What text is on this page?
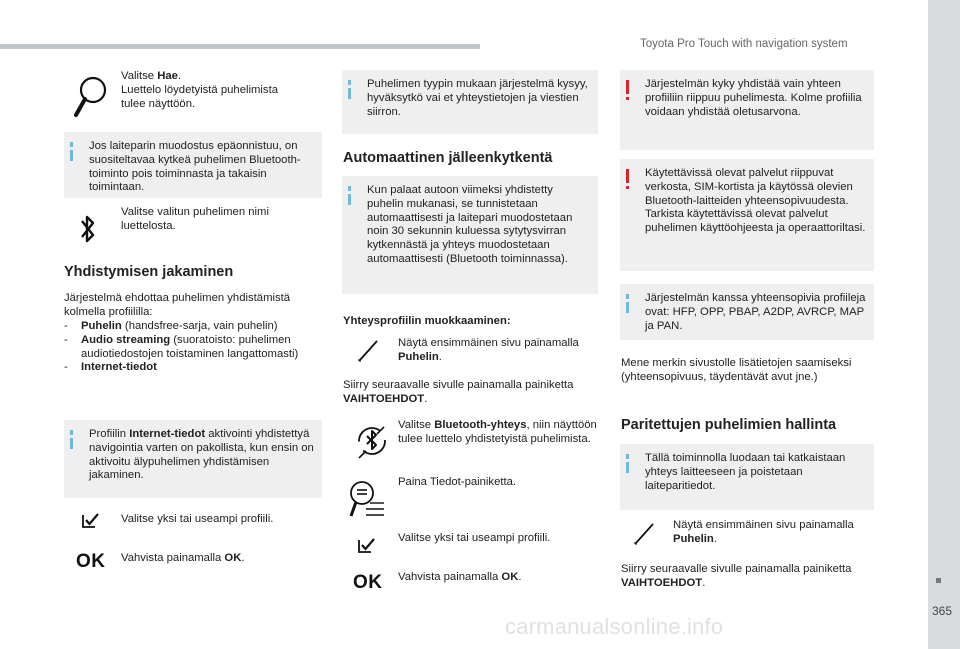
Toyota Pro Touch with navigation system
365
carmanualsonline.info
Valitse Hae.
Luettelo löydetyistä puhelimista
tulee näyttöön.
Jos laiteparin muodostus epäonnistuu, on suositeltavaa kytkeä puhelimen Bluetooth-toiminto pois toiminnasta ja takaisin toimintaan.
Valitse valitun puhelimen nimi luettelosta.
Yhdistymisen jakaminen
Järjestelmä ehdottaa puhelimen yhdistämistä kolmella profiililla:
- Puhelin (handsfree-sarja, vain puhelin)
- Audio streaming (suoratoisto: puhelimen audiotiedostojen toistaminen langattomasti)
- Internet-tiedot
Profiilin Internet-tiedot aktivointi yhdistettyä navigointia varten on pakollista, kun ensin on aktivoitu älypuhelimen yhdistämisen jakaminen.
Valitse yksi tai useampi profiili.
OK Vahvista painamalla OK.
Puhelimen tyypin mukaan järjestelmä kysyy, hyväksytkö vai et yhteystietojen ja viestien siirron.
Automaattinen jälleenkytkentä
Kun palaat autoon viimeksi yhdistetty puhelin mukanasi, se tunnistetaan automaattisesti ja laitepari muodostetaan noin 30 sekunnin kuluessa sytytysvirran kytkennästä ja yhteys muodostetaan automaattisesti (Bluetooth toiminnassa).
Yhteysprofiilin muokkaaminen:
Näytä ensimmäinen sivu painamalla Puhelin.
Siirry seuraavalle sivulle painamalla painiketta VAIHTOEHDOT.
Valitse Bluetooth-yhteys, niin näyttöön tulee luettelo yhdistetyistä puhelimista.
Paina Tiedot-painiketta.
Valitse yksi tai useampi profiili.
OK Vahvista painamalla OK.
Järjestelmän kyky yhdistää vain yhteen profiiliin riippuu puhelimesta. Kolme profiilia voidaan yhdistää oletusarvona.
Käytettävissä olevat palvelut riippuvat verkosta, SIM-kortista ja käytössä olevien Bluetooth-laitteiden yhteensopivuudesta. Tarkista käytettävissä olevat palvelut puhelimen käyttöohjeesta ja operaattoriltasi.
Järjestelmän kanssa yhteensopivia profiileja ovat: HFP, OPP, PBAP, A2DP, AVRCP, MAP ja PAN.
Mene merkin sivustolle lisätietojen saamiseksi (yhteensopivuus, täydentävät avut jne.)
Paritettujen puhelimien hallinta
Tällä toiminnolla luodaan tai katkaistaan yhteys laitteeseen ja poistetaan laiteparitiedot.
Näytä ensimmäinen sivu painamalla Puhelin.
Siirry seuraavalle sivulle painamalla painiketta VAIHTOEHDOT.
